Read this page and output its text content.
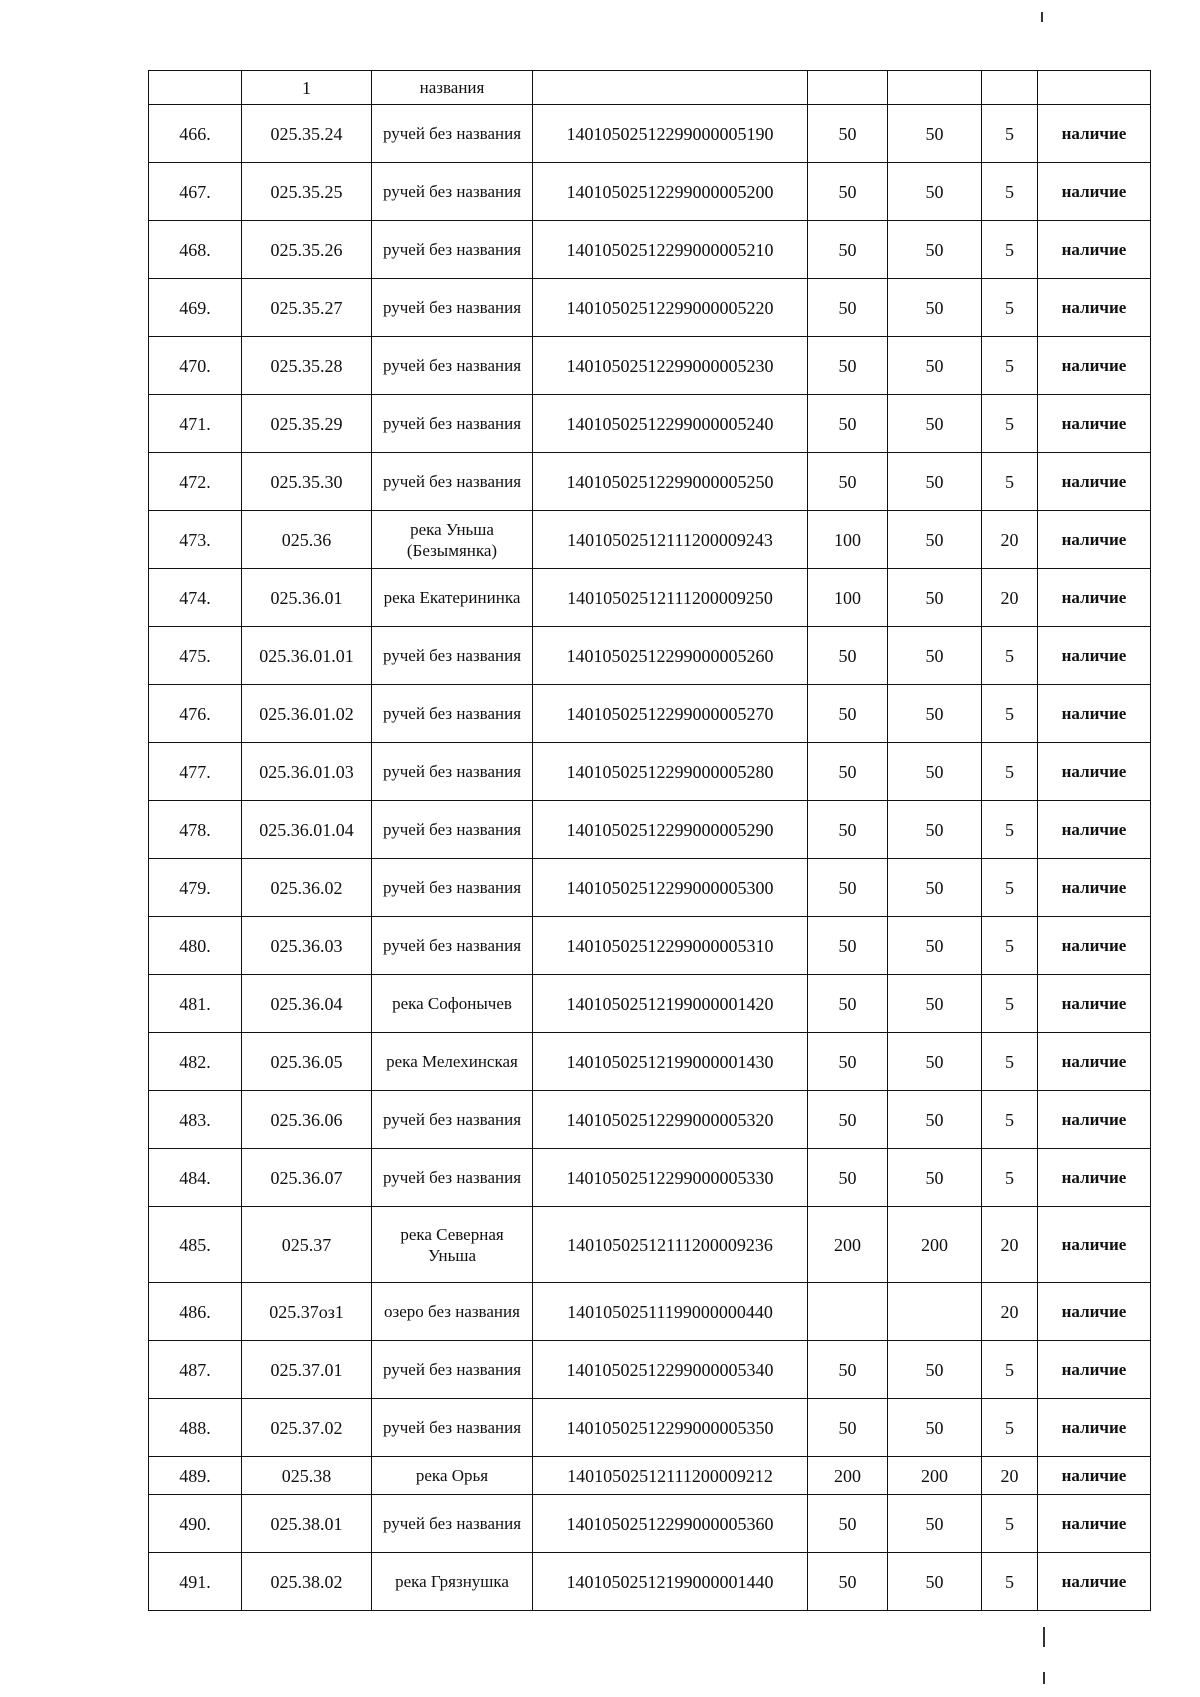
	1	названия					
466.	025.35.24	ручей без названия	14010502512299000005190	50	50	5	наличие
467.	025.35.25	ручей без названия	14010502512299000005200	50	50	5	наличие
468.	025.35.26	ручей без названия	14010502512299000005210	50	50	5	наличие
469.	025.35.27	ручей без названия	14010502512299000005220	50	50	5	наличие
470.	025.35.28	ручей без названия	14010502512299000005230	50	50	5	наличие
471.	025.35.29	ручей без названия	14010502512299000005240	50	50	5	наличие
472.	025.35.30	ручей без названия	14010502512299000005250	50	50	5	наличие
473.	025.36	река Уньша (Безымянка)	14010502512111200009243	100	50	20	наличие
474.	025.36.01	река Екатерининка	14010502512111200009250	100	50	20	наличие
475.	025.36.01.01	ручей без названия	14010502512299000005260	50	50	5	наличие
476.	025.36.01.02	ручей без названия	14010502512299000005270	50	50	5	наличие
477.	025.36.01.03	ручей без названия	14010502512299000005280	50	50	5	наличие
478.	025.36.01.04	ручей без названия	14010502512299000005290	50	50	5	наличие
479.	025.36.02	ручей без названия	14010502512299000005300	50	50	5	наличие
480.	025.36.03	ручей без названия	14010502512299000005310	50	50	5	наличие
481.	025.36.04	река Софонычев	14010502512199000001420	50	50	5	наличие
482.	025.36.05	река Мелехинская	14010502512199000001430	50	50	5	наличие
483.	025.36.06	ручей без названия	14010502512299000005320	50	50	5	наличие
484.	025.36.07	ручей без названия	14010502512299000005330	50	50	5	наличие
485.	025.37	река Северная Уньша	14010502512111200009236	200	200	20	наличие
486.	025.37оз1	озеро без названия	14010502511199000000440			20	наличие
487.	025.37.01	ручей без названия	14010502512299000005340	50	50	5	наличие
488.	025.37.02	ручей без названия	14010502512299000005350	50	50	5	наличие
489.	025.38	река Орья	14010502512111200009212	200	200	20	наличие
490.	025.38.01	ручей без названия	14010502512299000005360	50	50	5	наличие
491.	025.38.02	река Грязнушка	14010502512199000001440	50	50	5	наличие
